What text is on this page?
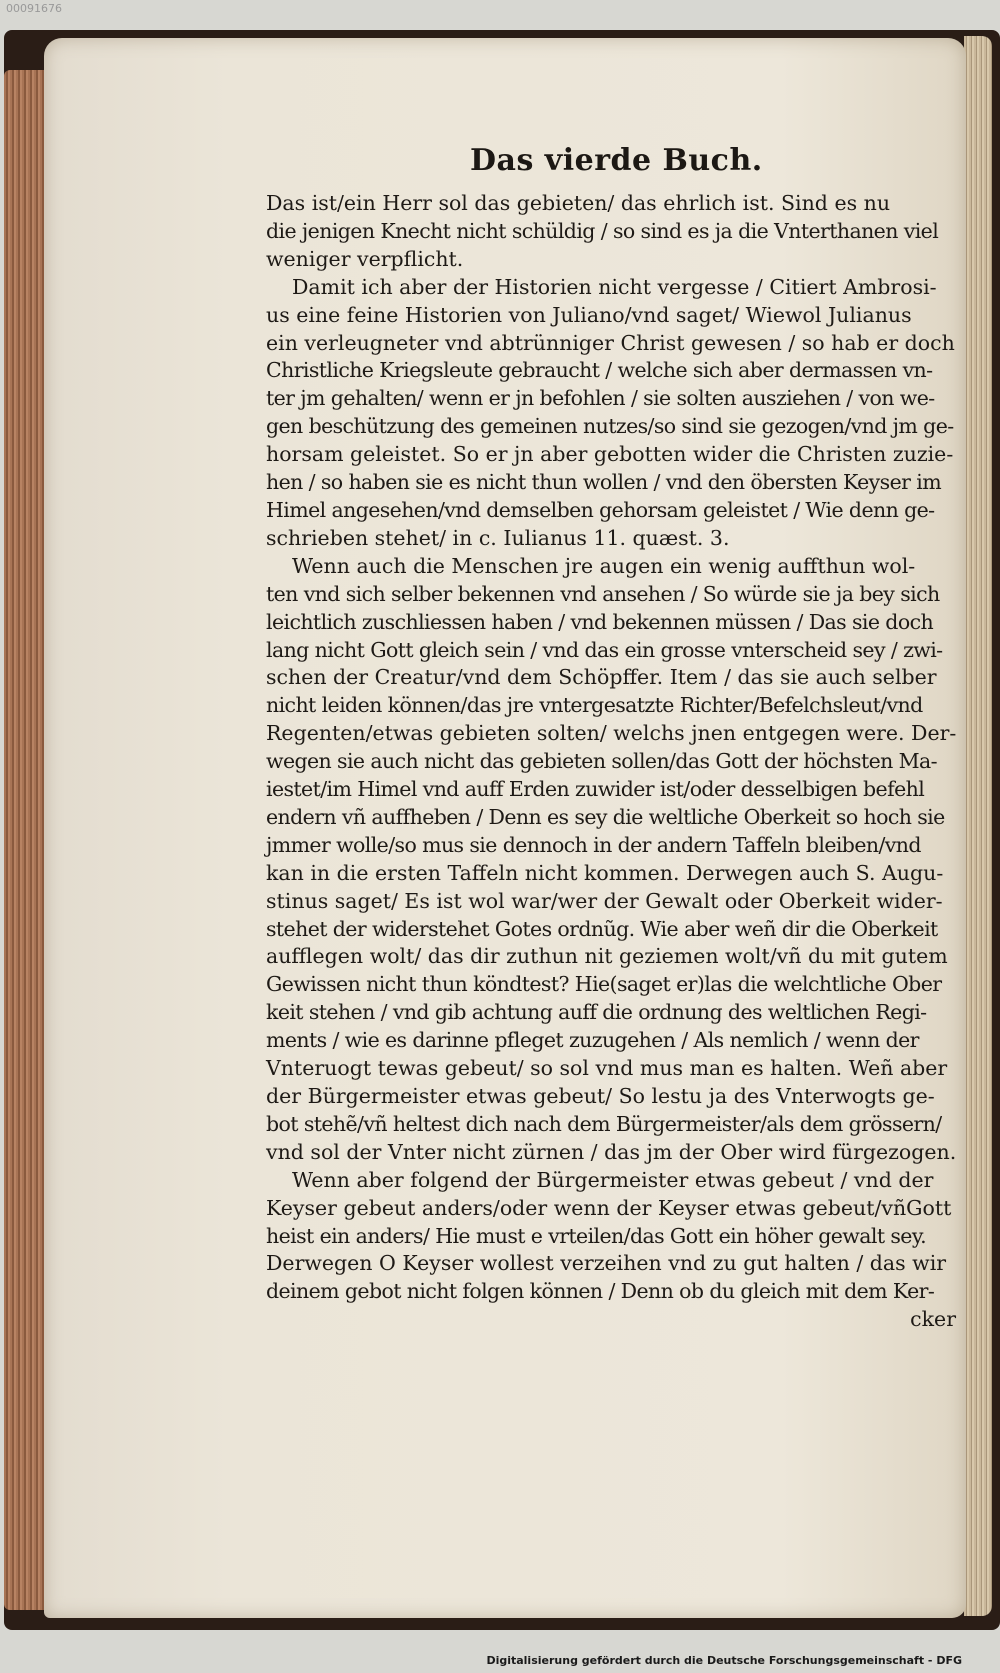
00091676
Das vierde Buch.
Das ist/ein Herr sol das gebieten/ das ehrlich ist. Sind es nu
die jenigen Knecht nicht schüldig / so sind es ja die Vnterthanen viel
weniger verpflicht.
Damit ich aber der Historien nicht vergesse / Citiert Ambrosi-
us eine feine Historien von Juliano/vnd saget/ Wiewol Julianus
ein verleugneter vnd abtrünniger Christ gewesen / so hab er doch
Christliche Kriegsleute gebraucht / welche sich aber dermassen vn-
ter jm gehalten/ wenn er jn befohlen / sie solten ausziehen / von we-
gen beschützung des gemeinen nutzes/so sind sie gezogen/vnd jm ge-
horsam geleistet. So er jn aber gebotten wider die Christen zuzie-
hen / so haben sie es nicht thun wollen / vnd den öbersten Keyser im
Himel angesehen/vnd demselben gehorsam geleistet / Wie denn ge-
schrieben stehet/ in c. Iulianus 11. quæst. 3.
Wenn auch die Menschen jre augen ein wenig auffthun wol-
ten vnd sich selber bekennen vnd ansehen / So würde sie ja bey sich
leichtlich zuschliessen haben / vnd bekennen müssen / Das sie doch
lang nicht Gott gleich sein / vnd das ein grosse vnterscheid sey / zwi-
schen der Creatur/vnd dem Schöpffer. Item / das sie auch selber
nicht leiden können/das jre vntergesatzte Richter/Befelchsleut/vnd
Regenten/etwas gebieten solten/ welchs jnen entgegen were. Der-
wegen sie auch nicht das gebieten sollen/das Gott der höchsten Ma-
iestet/im Himel vnd auff Erden zuwider ist/oder desselbigen befehl
endern vñ auffheben / Denn es sey die weltliche Oberkeit so hoch sie
jmmer wolle/so mus sie dennoch in der andern Taffeln bleiben/vnd
kan in die ersten Taffeln nicht kommen. Derwegen auch S. Augu-
stinus saget/ Es ist wol war/wer der Gewalt oder Oberkeit wider-
stehet der widerstehet Gotes ordnũg. Wie aber weñ dir die Oberkeit
aufflegen wolt/ das dir zuthun nit geziemen wolt/vñ du mit gutem
Gewissen nicht thun köndtest? Hie(saget er)las die welchtliche Ober
keit stehen / vnd gib achtung auff die ordnung des weltlichen Regi-
ments / wie es darinne pfleget zuzugehen / Als nemlich / wenn der
Vnteruogt tewas gebeut/ so sol vnd mus man es halten. Weñ aber
der Bürgermeister etwas gebeut/ So lestu ja des Vnterwogts ge-
bot stehẽ/vñ heltest dich nach dem Bürgermeister/als dem grössern/
vnd sol der Vnter nicht zürnen / das jm der Ober wird fürgezogen.
Wenn aber folgend der Bürgermeister etwas gebeut / vnd der
Keyser gebeut anders/oder wenn der Keyser etwas gebeut/vñGott
heist ein anders/ Hie must e vrteilen/das Gott ein höher gewalt sey.
Derwegen O Keyser wollest verzeihen vnd zu gut halten / das wir
deinem gebot nicht folgen können / Denn ob du gleich mit dem Ker-
cker
Digitalisierung gefördert durch die Deutsche Forschungsgemeinschaft - DFG
